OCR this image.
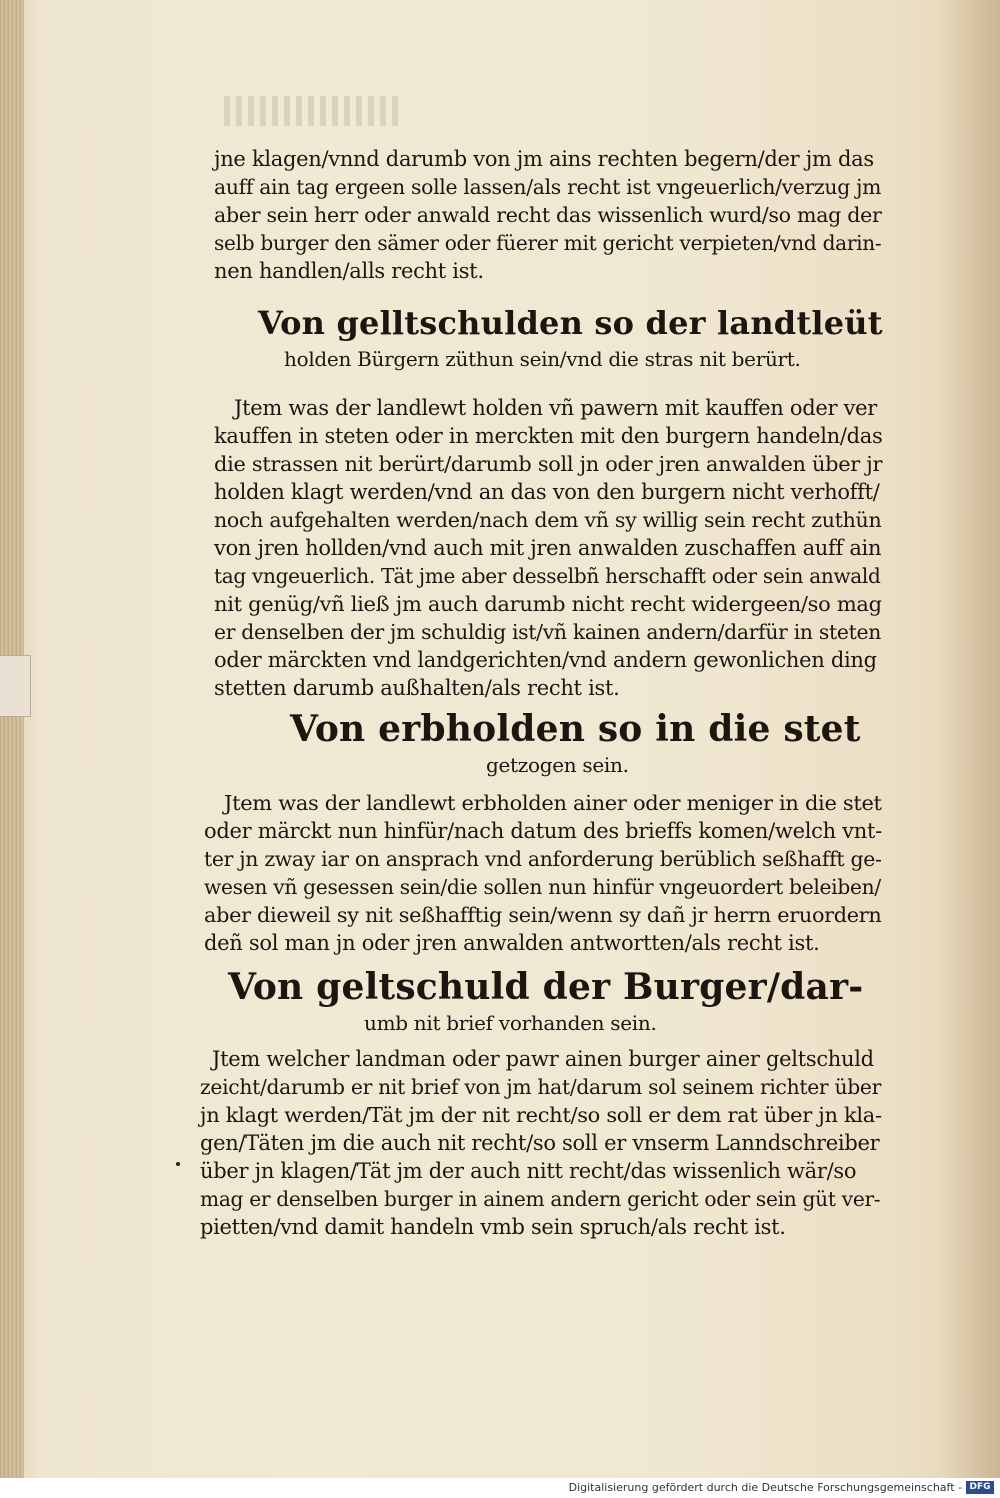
jne klagen/vnnd darumb von jm ains rechten begern/der jm das
auff ain tag ergeen solle lassen/als recht ist vngeuerlich/verzug jm
aber sein herr oder anwald recht das wissenlich wurd/so mag der
selb burger den sämer oder füerer mit gericht verpieten/vnd darin-
nen handlen/alls recht ist.
Von gelltschulden so der landtleüt
holden Bürgern züthun sein/vnd die stras nit berürt.
Jtem was der landlewt holden vñ pawern mit kauffen oder ver
kauffen in steten oder in merckten mit den burgern handeln/das
die strassen nit berürt/darumb soll jn oder jren anwalden über jr
holden klagt werden/vnd an das von den burgern nicht verhofft/
noch aufgehalten werden/nach dem vñ sy willig sein recht zuthün
von jren hollden/vnd auch mit jren anwalden zuschaffen auff ain
tag vngeuerlich. Tät jme aber desselbñ herschafft oder sein anwald
nit genüg/vñ ließ jm auch darumb nicht recht widergeen/so mag
er denselben der jm schuldig ist/vñ kainen andern/darfür in steten
oder märckten vnd landgerichten/vnd andern gewonlichen ding
stetten darumb außhalten/als recht ist.
Von erbholden so in die stet
getzogen sein.
Jtem was der landlewt erbholden ainer oder meniger in die stet
oder märckt nun hinfür/nach datum des brieffs komen/welch vnt-
ter jn zway iar on ansprach vnd anforderung berüblich seßhafft ge-
wesen vñ gesessen sein/die sollen nun hinfür vngeuordert beleiben/
aber dieweil sy nit seßhafftig sein/wenn sy dañ jr herrn eruordern
deñ sol man jn oder jren anwalden antwortten/als recht ist.
Von geltschuld der Burger/dar-
umb nit brief vorhanden sein.
Jtem welcher landman oder pawr ainen burger ainer geltschuld
zeicht/darumb er nit brief von jm hat/darum sol seinem richter über
jn klagt werden/Tät jm der nit recht/so soll er dem rat über jn kla-
gen/Täten jm die auch nit recht/so soll er vnserm Lanndschreiber
über jn klagen/Tät jm der auch nitt recht/das wissenlich wär/so
mag er denselben burger in ainem andern gericht oder sein güt ver-
pietten/vnd damit handeln vmb sein spruch/als recht ist.
Digitalisierung gefördert durch die Deutsche Forschungsgemeinschaft - DFG
